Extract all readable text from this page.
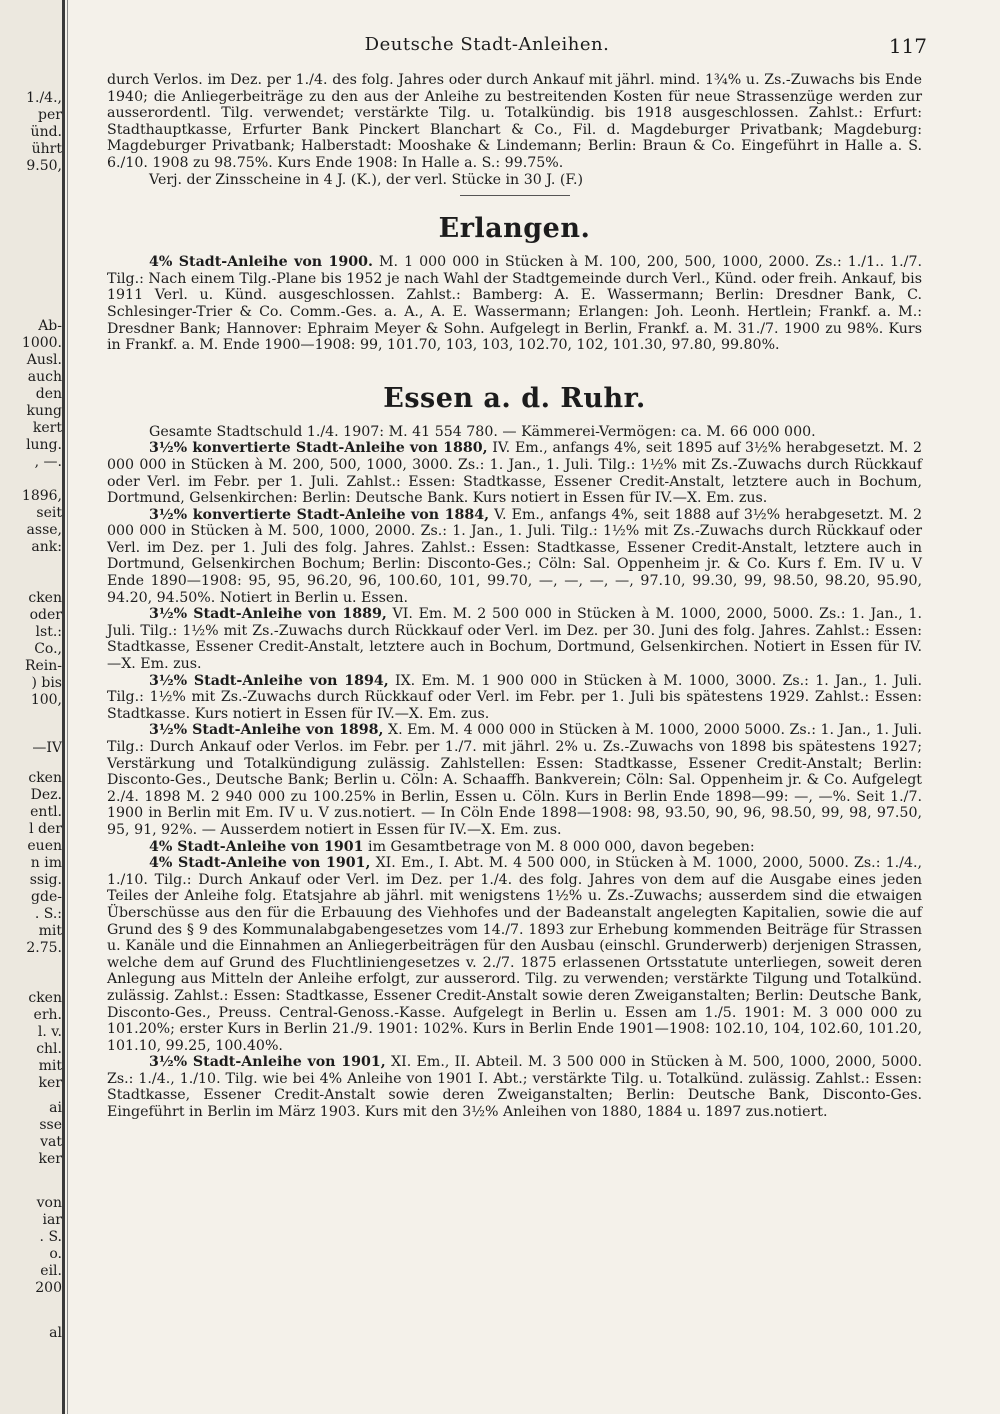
1./4.,
per
ünd.
ührt
9.50,
Ab-
1000.
Ausl.
auch
den
kung
kert
lung.
, —.
1896,
seit
asse,
ank:
cken
oder
lst.:
Co.,
Rein-
) bis
100,
—IV
cken
Dez.
entl.
l der
euen
n im
ssig.
gde-
. S.:
mit
2.75.
cken
erh.
l. v.
chl.
mit
ker
ai
sse
vat
ker
von
iar
. S.
o.
eil.
200
al
Deutsche Stadt-Anleihen.	117

durch Verlos. im Dez. per 1./4. des folg. Jahres oder durch Ankauf mit jährl. mind. 1¾% u. Zs.-Zuwachs bis Ende 1940; die Anliegerbeiträge zu den aus der Anleihe zu bestreitenden Kosten für neue Strassenzüge werden zur ausserordentl. Tilg. verwendet; verstärkte Tilg. u. Totalkündig. bis 1918 ausgeschlossen. Zahlst.: Erfurt: Stadthauptkasse, Erfurter Bank Pinckert Blanchart & Co., Fil. d. Magdeburger Privatbank; Magdeburg: Magdeburger Privatbank; Halberstadt: Mooshake & Lindemann; Berlin: Braun & Co. Eingeführt in Halle a. S. 6./10. 1908 zu 98.75%. Kurs Ende 1908: In Halle a. S.: 99.75%.

Verj. der Zinsscheine in 4 J. (K.), der verl. Stücke in 30 J. (F.)

Erlangen.

4% Stadt-Anleihe von 1900. M. 1 000 000 in Stücken à M. 100, 200, 500, 1000, 2000. Zs.: 1./1.. 1./7. Tilg.: Nach einem Tilg.-Plane bis 1952 je nach Wahl der Stadtgemeinde durch Verl., Künd. oder freih. Ankauf, bis 1911 Verl. u. Künd. ausgeschlossen. Zahlst.: Bamberg: A. E. Wassermann; Berlin: Dresdner Bank, C. Schlesinger-Trier & Co. Comm.-Ges. a. A., A. E. Wassermann; Erlangen: Joh. Leonh. Hertlein; Frankf. a. M.: Dresdner Bank; Hannover: Ephraim Meyer & Sohn. Aufgelegt in Berlin, Frankf. a. M. 31./7. 1900 zu 98%. Kurs in Frankf. a. M. Ende 1900—1908: 99, 101.70, 103, 103, 102.70, 102, 101.30, 97.80, 99.80%.

Essen a. d. Ruhr.

Gesamte Stadtschuld 1./4. 1907: M. 41 554 780. — Kämmerei-Vermögen: ca. M. 66 000 000.

3½% konvertierte Stadt-Anleihe von 1880, IV. Em., anfangs 4%, seit 1895 auf 3½% herabgesetzt. M. 2 000 000 in Stücken à M. 200, 500, 1000, 3000. Zs.: 1. Jan., 1. Juli. Tilg.: 1½% mit Zs.-Zuwachs durch Rückkauf oder Verl. im Febr. per 1. Juli. Zahlst.: Essen: Stadtkasse, Essener Credit-Anstalt, letztere auch in Bochum, Dortmund, Gelsenkirchen: Berlin: Deutsche Bank. Kurs notiert in Essen für IV.—X. Em. zus.

3½% konvertierte Stadt-Anleihe von 1884, V. Em., anfangs 4%, seit 1888 auf 3½% herabgesetzt. M. 2 000 000 in Stücken à M. 500, 1000, 2000. Zs.: 1. Jan., 1. Juli. Tilg.: 1½% mit Zs.-Zuwachs durch Rückkauf oder Verl. im Dez. per 1. Juli des folg. Jahres. Zahlst.: Essen: Stadtkasse, Essener Credit-Anstalt, letztere auch in Dortmund, Gelsenkirchen Bochum; Berlin: Disconto-Ges.; Cöln: Sal. Oppenheim jr. & Co. Kurs f. Em. IV u. V Ende 1890—1908: 95, 95, 96.20, 96, 100.60, 101, 99.70, —, —, —, —, 97.10, 99.30, 99, 98.50, 98.20, 95.90, 94.20, 94.50%. Notiert in Berlin u. Essen.

3½% Stadt-Anleihe von 1889, VI. Em. M. 2 500 000 in Stücken à M. 1000, 2000, 5000. Zs.: 1. Jan., 1. Juli. Tilg.: 1½% mit Zs.-Zuwachs durch Rückkauf oder Verl. im Dez. per 30. Juni des folg. Jahres. Zahlst.: Essen: Stadtkasse, Essener Credit-Anstalt, letztere auch in Bochum, Dortmund, Gelsenkirchen. Notiert in Essen für IV.—X. Em. zus.

3½% Stadt-Anleihe von 1894, IX. Em. M. 1 900 000 in Stücken à M. 1000, 3000. Zs.: 1. Jan., 1. Juli. Tilg.: 1½% mit Zs.-Zuwachs durch Rückkauf oder Verl. im Febr. per 1. Juli bis spätestens 1929. Zahlst.: Essen: Stadtkasse. Kurs notiert in Essen für IV.—X. Em. zus.

3½% Stadt-Anleihe von 1898, X. Em. M. 4 000 000 in Stücken à M. 1000, 2000 5000. Zs.: 1. Jan., 1. Juli. Tilg.: Durch Ankauf oder Verlos. im Febr. per 1./7. mit jährl. 2% u. Zs.-Zuwachs von 1898 bis spätestens 1927; Verstärkung und Totalkündigung zulässig. Zahlstellen: Essen: Stadtkasse, Essener Credit-Anstalt; Berlin: Disconto-Ges., Deutsche Bank; Berlin u. Cöln: A. Schaaffh. Bankverein; Cöln: Sal. Oppenheim jr. & Co. Aufgelegt 2./4. 1898 M. 2 940 000 zu 100.25% in Berlin, Essen u. Cöln. Kurs in Berlin Ende 1898—99: —, —%. Seit 1./7. 1900 in Berlin mit Em. IV u. V zus.notiert. — In Cöln Ende 1898—1908: 98, 93.50, 90, 96, 98.50, 99, 98, 97.50, 95, 91, 92%. — Ausserdem notiert in Essen für IV.—X. Em. zus.

4% Stadt-Anleihe von 1901 im Gesamtbetrage von M. 8 000 000, davon begeben:

4% Stadt-Anleihe von 1901, XI. Em., I. Abt. M. 4 500 000, in Stücken à M. 1000, 2000, 5000. Zs.: 1./4., 1./10. Tilg.: Durch Ankauf oder Verl. im Dez. per 1./4. des folg. Jahres von dem auf die Ausgabe eines jeden Teiles der Anleihe folg. Etatsjahre ab jährl. mit wenigstens 1½% u. Zs.-Zuwachs; ausserdem sind die etwaigen Überschüsse aus den für die Erbauung des Viehhofes und der Badeanstalt angelegten Kapitalien, sowie die auf Grund des § 9 des Kommunalabgabengesetzes vom 14./7. 1893 zur Erhebung kommenden Beiträge für Strassen u. Kanäle und die Einnahmen an Anliegerbeiträgen für den Ausbau (einschl. Grunderwerb) derjenigen Strassen, welche dem auf Grund des Fluchtliniengesetzes v. 2./7. 1875 erlassenen Ortsstatute unterliegen, soweit deren Anlegung aus Mitteln der Anleihe erfolgt, zur ausserord. Tilg. zu verwenden; verstärkte Tilgung und Totalkünd. zulässig. Zahlst.: Essen: Stadtkasse, Essener Credit-Anstalt sowie deren Zweiganstalten; Berlin: Deutsche Bank, Disconto-Ges., Preuss. Central-Genoss.-Kasse. Aufgelegt in Berlin u. Essen am 1./5. 1901: M. 3 000 000 zu 101.20%; erster Kurs in Berlin 21./9. 1901: 102%. Kurs in Berlin Ende 1901—1908: 102.10, 104, 102.60, 101.20, 101.10, 99.25, 100.40%.

3½% Stadt-Anleihe von 1901, XI. Em., II. Abteil. M. 3 500 000 in Stücken à M. 500, 1000, 2000, 5000. Zs.: 1./4., 1./10. Tilg. wie bei 4% Anleihe von 1901 I. Abt.; verstärkte Tilg. u. Totalkünd. zulässig. Zahlst.: Essen: Stadtkasse, Essener Credit-Anstalt sowie deren Zweiganstalten; Berlin: Deutsche Bank, Disconto-Ges. Eingeführt in Berlin im März 1903. Kurs mit den 3½% Anleihen von 1880, 1884 u. 1897 zus.notiert.
